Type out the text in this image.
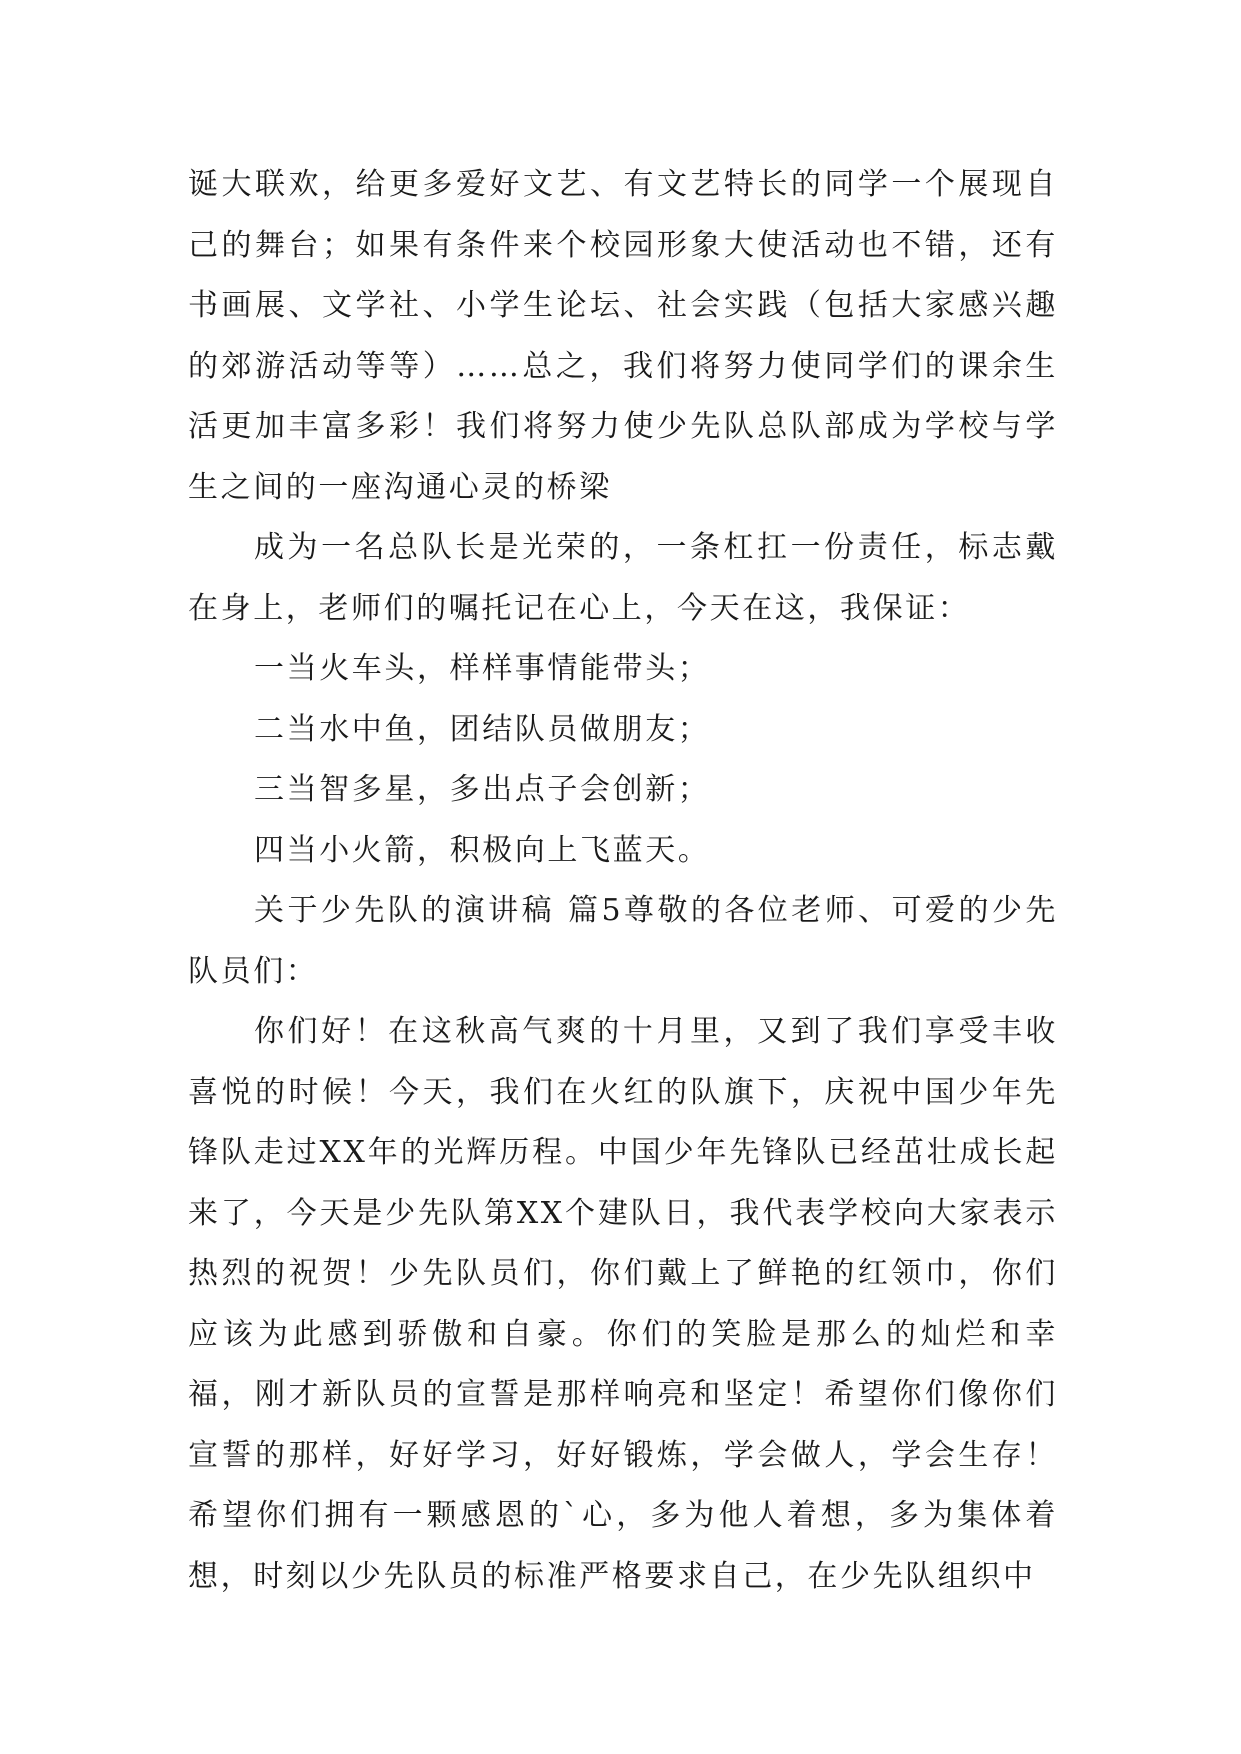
诞大联欢，给更多爱好文艺、有文艺特长的同学一个展现自己的舞台；如果有条件来个校园形象大使活动也不错，还有书画展、文学社、小学生论坛、社会实践（包括大家感兴趣的郊游活动等等）……总之，我们将努力使同学们的课余生活更加丰富多彩！我们将努力使少先队总队部成为学校与学生之间的一座沟通心灵的桥梁

成为一名总队长是光荣的，一条杠扛一份责任，标志戴在身上，老师们的嘱托记在心上，今天在这，我保证：

一当火车头，样样事情能带头；

二当水中鱼，团结队员做朋友；

三当智多星，多出点子会创新；

四当小火箭，积极向上飞蓝天。

关于少先队的演讲稿 篇5尊敬的各位老师、可爱的少先队员们：

你们好！在这秋高气爽的十月里，又到了我们享受丰收喜悦的时候！今天，我们在火红的队旗下，庆祝中国少年先锋队走过XX年的光辉历程。中国少年先锋队已经茁壮成长起来了，今天是少先队第XX个建队日，我代表学校向大家表示热烈的祝贺！少先队员们，你们戴上了鲜艳的红领巾，你们应该为此感到骄傲和自豪。你们的笑脸是那么的灿烂和幸福，刚才新队员的宣誓是那样响亮和坚定！希望你们像你们宣誓的那样，好好学习，好好锻炼，学会做人，学会生存！希望你们拥有一颗感恩的`心，多为他人着想，多为集体着想，时刻以少先队员的标准严格要求自己，在少先队组织中
